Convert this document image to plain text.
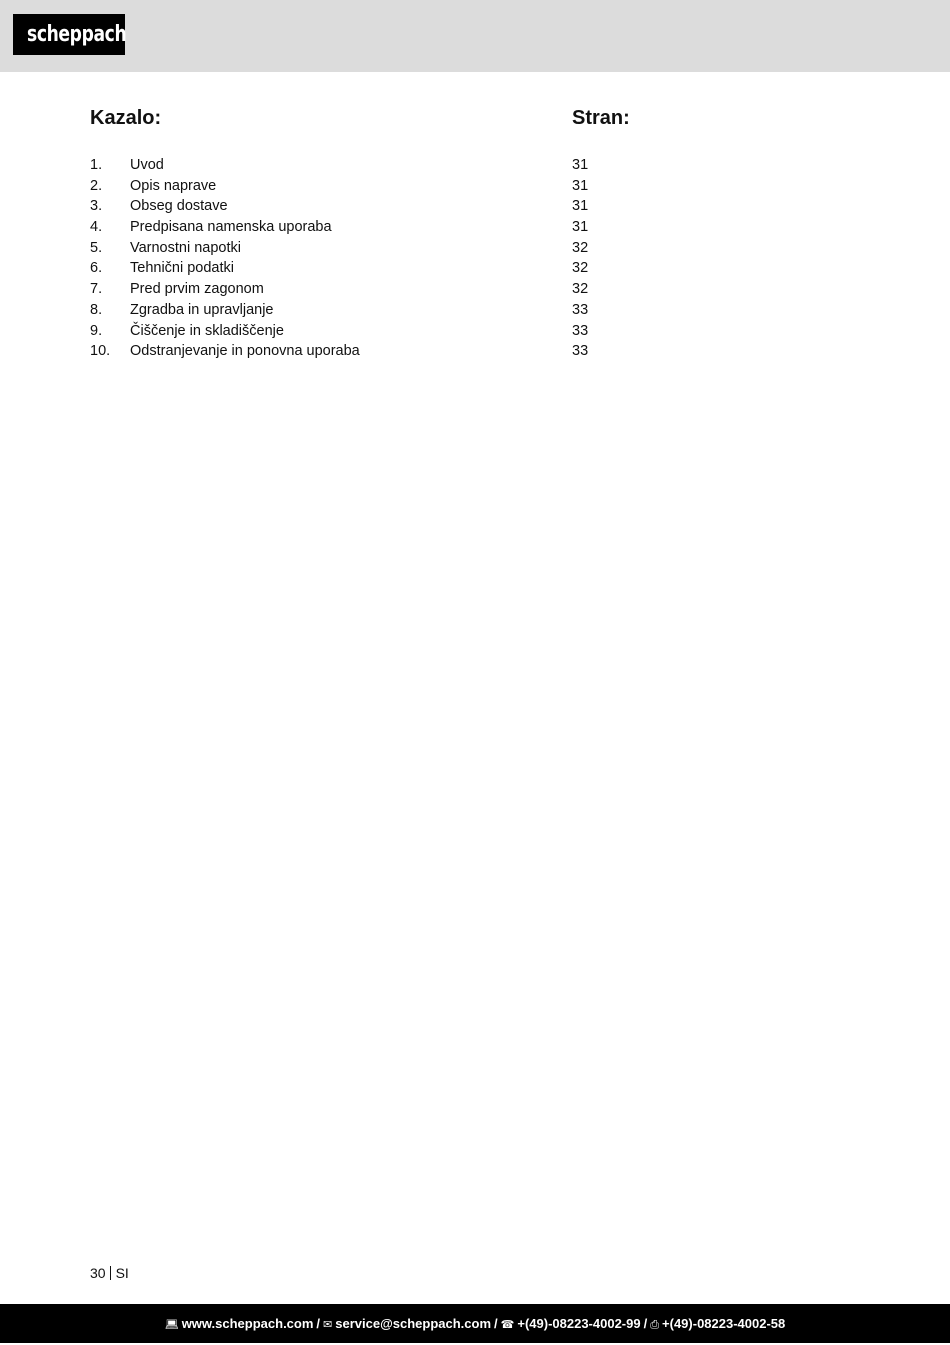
scheppach
Kazalo:	Stran:
1. Uvod	31
2. Opis naprave	31
3. Obseg dostave	31
4. Predpisana namenska uporaba	31
5. Varnostni napotki	32
6. Tehnični podatki	32
7. Pred prvim zagonom	32
8. Zgradba in upravljanje	33
9. Čiščenje in skladiščenje	33
10. Odstranjevanje in ponovna uporaba	33
30 SI
💻︎ www.scheppach.com / ✉︎ service@scheppach.com / ☎︎ +(49)-08223-4002-99 / ⎙ +(49)-08223-4002-58
